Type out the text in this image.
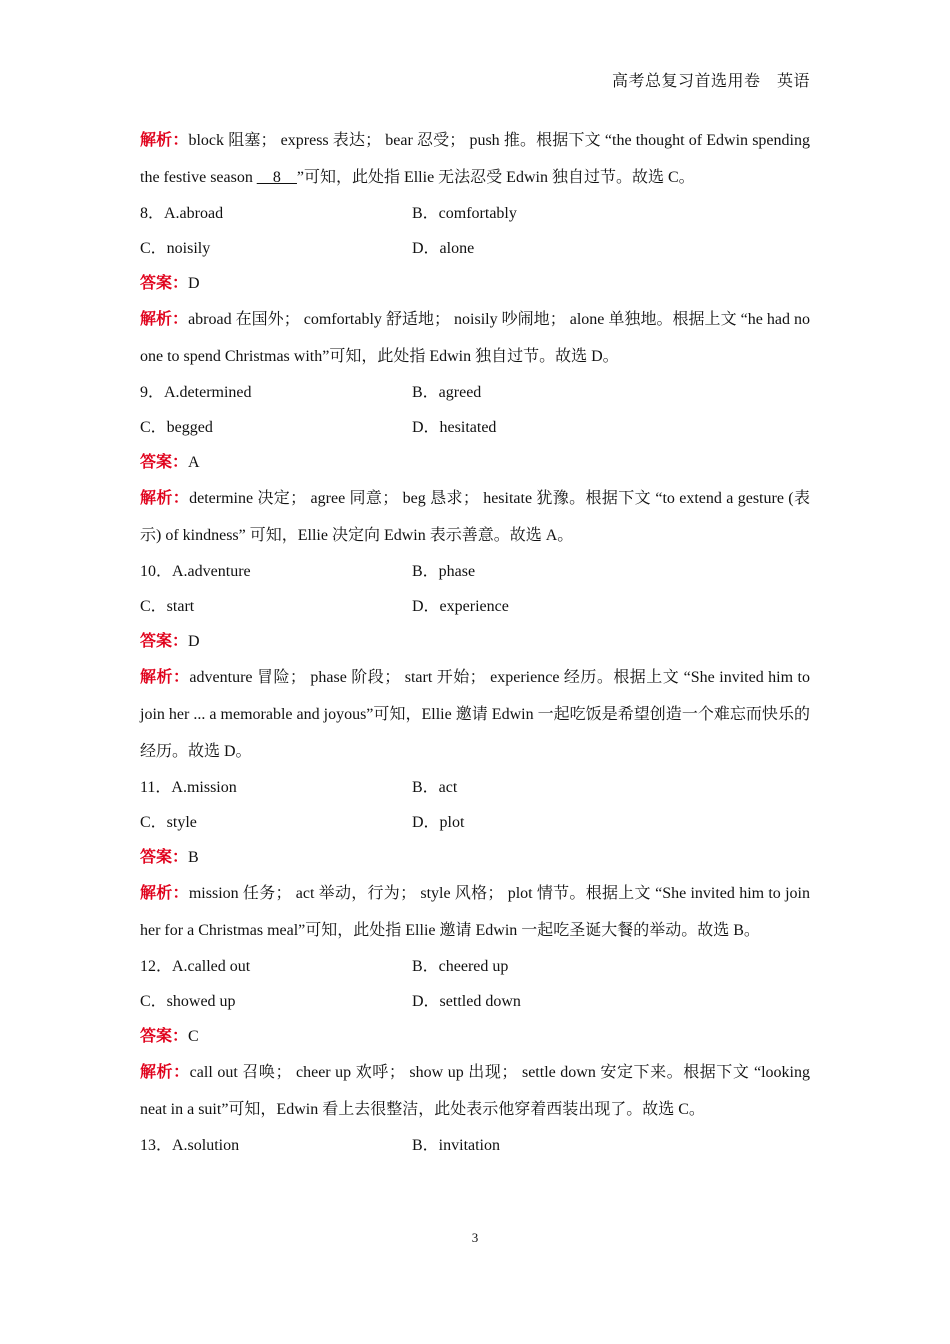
高考总复习首选用卷　英语

解析：block 阻塞； express 表达； bear 忍受； push 推。根据下文 “the thought of Edwin spending the festive season __8__”可知，此处指 Ellie 无法忍受 Edwin 独自过节。故选 C。

8．A.abroad	B．comfortably
C．noisily	D．alone
答案：D

解析：abroad 在国外； comfortably 舒适地； noisily 吵闹地； alone 单独地。根据上文 “he had no one to spend Christmas with”可知，此处指 Edwin 独自过节。故选 D。

9．A.determined	B．agreed
C．begged	D．hesitated
答案：A

解析：determine 决定； agree 同意； beg 恳求； hesitate 犹豫。根据下文 “to extend a gesture (表示) of kindness” 可知，Ellie 决定向 Edwin 表示善意。故选 A。

10．A.adventure	B．phase
C．start	D．experience
答案：D

解析：adventure 冒险； phase 阶段； start 开始； experience 经历。根据上文 “She invited him to join her ... a memorable and joyous”可知，Ellie 邀请 Edwin 一起吃饭是希望创造一个难忘而快乐的经历。故选 D。

11．A.mission	B．act
C．style	D．plot
答案：B

解析：mission 任务； act 举动，行为； style 风格； plot 情节。根据上文 “She invited him to join her for a Christmas meal”可知，此处指 Ellie 邀请 Edwin 一起吃圣诞大餐的举动。故选 B。

12．A.called out	B．cheered up
C．showed up	D．settled down
答案：C

解析：call out 召唤； cheer up 欢呼； show up 出现； settle down 安定下来。根据下文 “looking neat in a suit”可知，Edwin 看上去很整洁，此处表示他穿着西装出现了。故选 C。

13．A.solution	B．invitation
3
